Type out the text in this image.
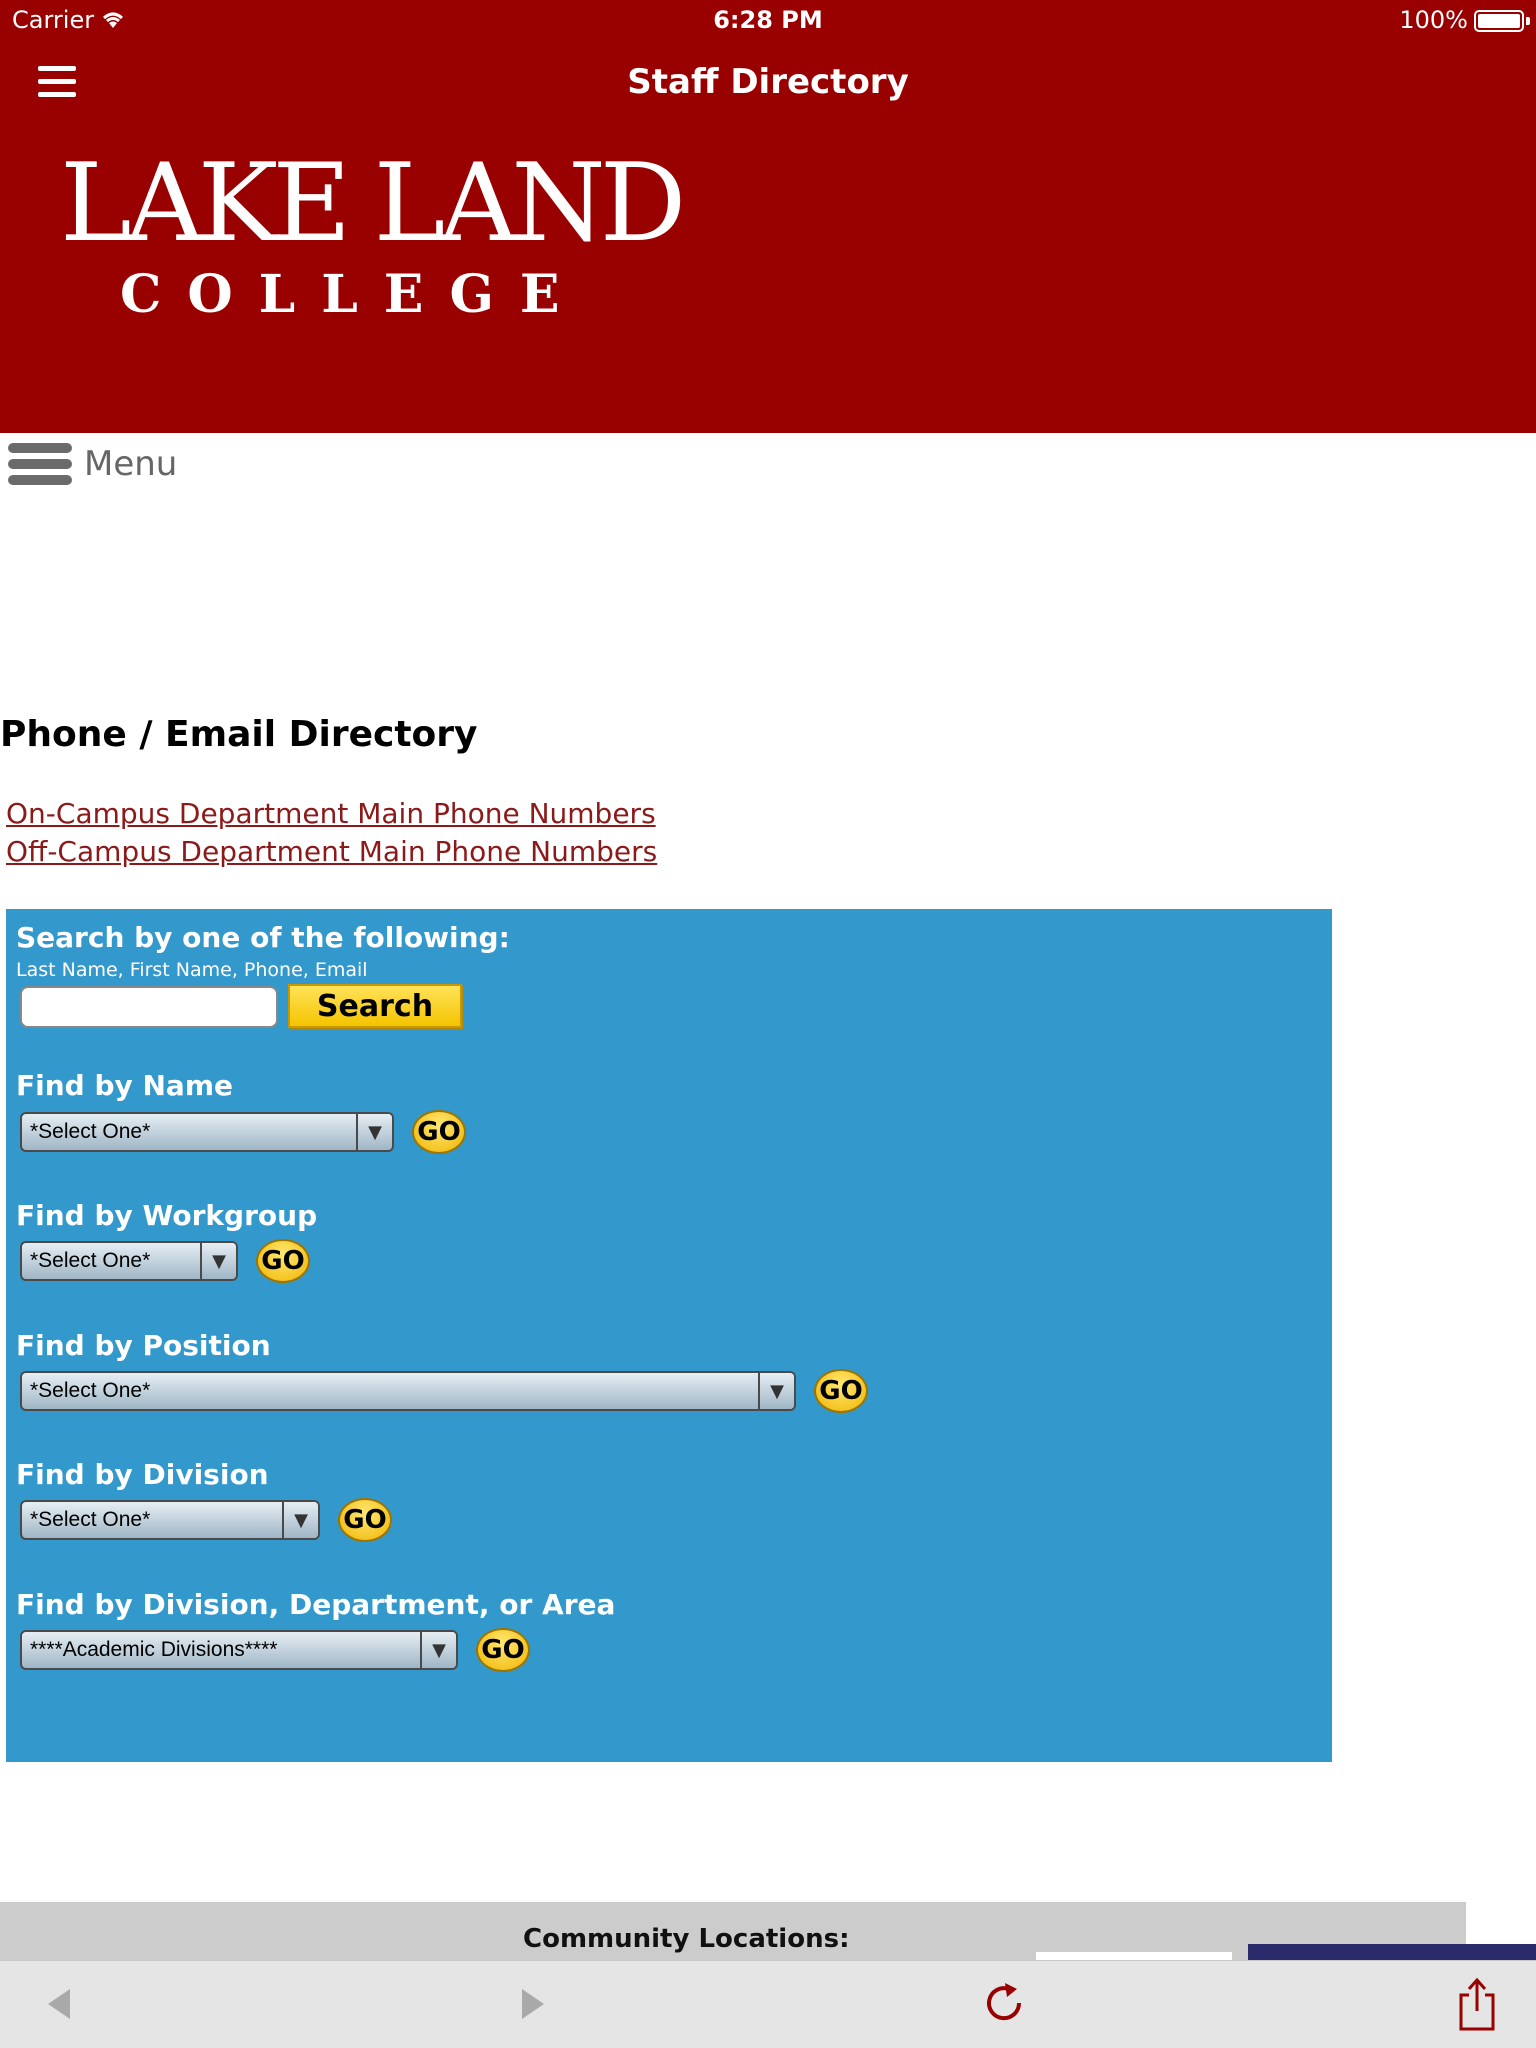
Carrier	6:28 PM	100%
Staff Directory
LAKE LAND
COLLEGE
Menu
Phone / Email Directory
On-Campus Department Main Phone Numbers
Off-Campus Department Main Phone Numbers
Search by one of the following:
Last Name, First Name, Phone, Email
Search
Find by Name
*Select One*	▼	GO
Find by Workgroup
*Select One*	▼	GO
Find by Position
*Select One*	▼	GO
Find by Division
*Select One*	▼	GO
Find by Division, Department, or Area
****Academic Divisions****	▼	GO
Community Locations:
